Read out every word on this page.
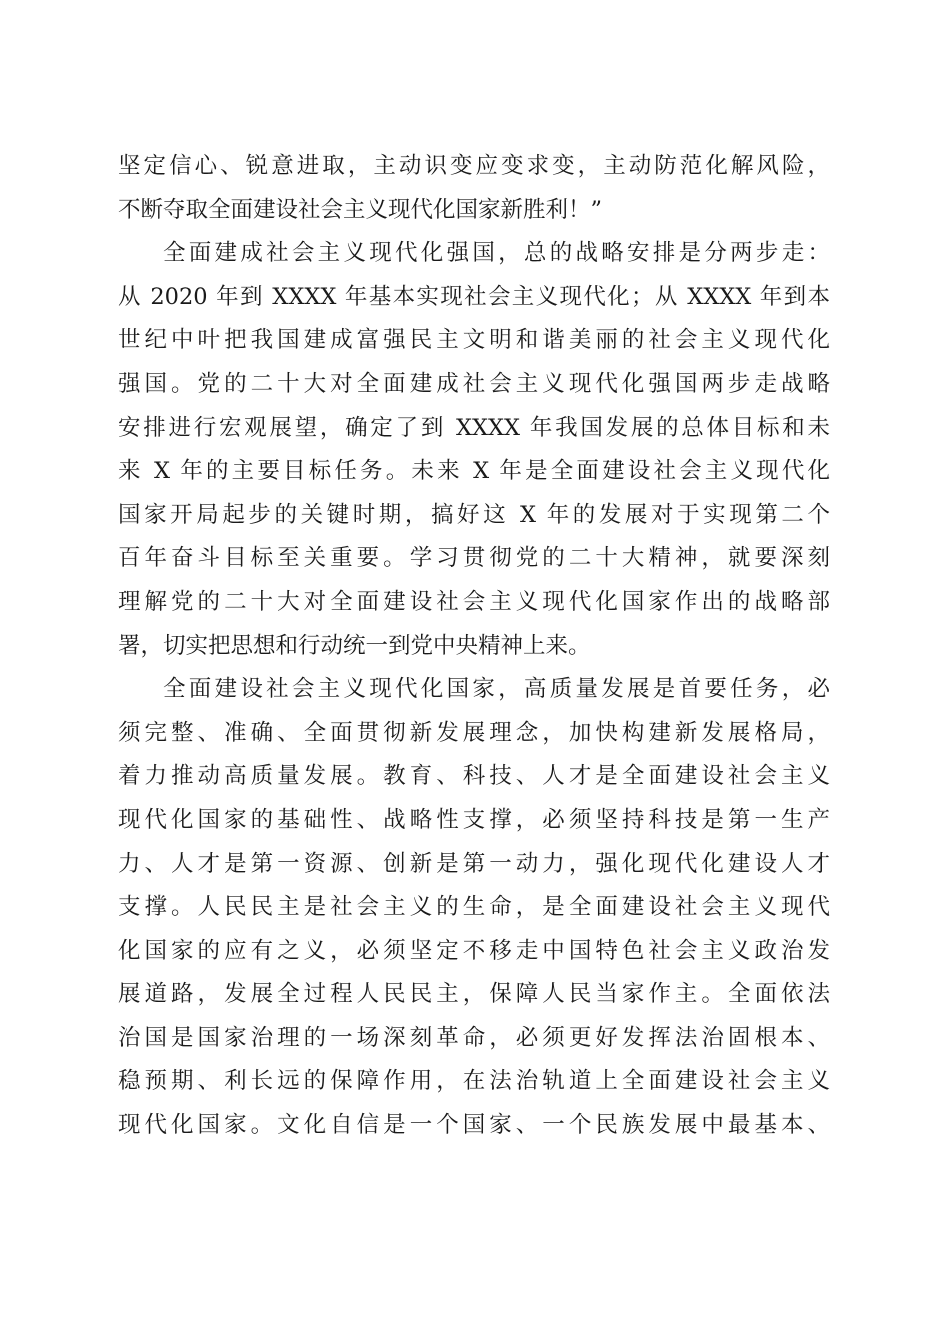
坚定信心、锐意进取，主动识变应变求变，主动防范化解风险，
不断夺取全面建设社会主义现代化国家新胜利！”
全面建成社会主义现代化强国，总的战略安排是分两步走：
从 2020 年到 XXXX 年基本实现社会主义现代化；从 XXXX 年到本
世纪中叶把我国建成富强民主文明和谐美丽的社会主义现代化
强国。党的二十大对全面建成社会主义现代化强国两步走战略
安排进行宏观展望，确定了到 XXXX 年我国发展的总体目标和未
来 X 年的主要目标任务。未来 X 年是全面建设社会主义现代化
国家开局起步的关键时期，搞好这 X 年的发展对于实现第二个
百年奋斗目标至关重要。学习贯彻党的二十大精神，就要深刻
理解党的二十大对全面建设社会主义现代化国家作出的战略部
署，切实把思想和行动统一到党中央精神上来。
全面建设社会主义现代化国家，高质量发展是首要任务，必
须完整、准确、全面贯彻新发展理念，加快构建新发展格局，
着力推动高质量发展。教育、科技、人才是全面建设社会主义
现代化国家的基础性、战略性支撑，必须坚持科技是第一生产
力、人才是第一资源、创新是第一动力，强化现代化建设人才
支撑。人民民主是社会主义的生命，是全面建设社会主义现代
化国家的应有之义，必须坚定不移走中国特色社会主义政治发
展道路，发展全过程人民民主，保障人民当家作主。全面依法
治国是国家治理的一场深刻革命，必须更好发挥法治固根本、
稳预期、利长远的保障作用，在法治轨道上全面建设社会主义
现代化国家。文化自信是一个国家、一个民族发展中最基本、
